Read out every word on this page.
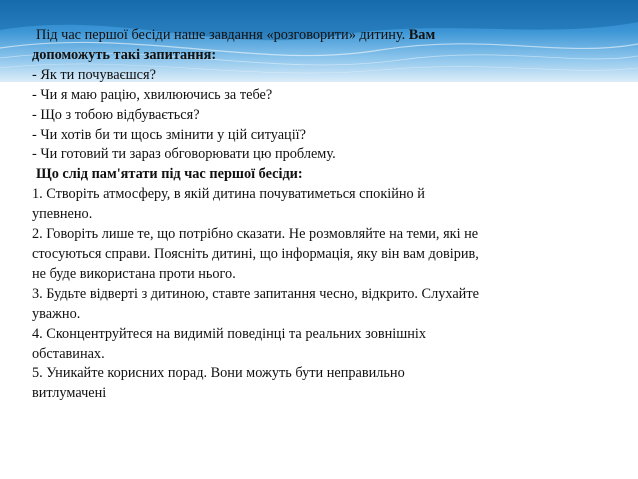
Під час першої бесіди наше завдання «розговорити» дитину. Вам
допоможуть такі запитання:
- Як ти почуваєшся?
- Чи я маю рацію, хвилюючись за тебе?
- Що з тобою відбувається?
- Чи хотів би ти щось змінити у цій ситуації?
- Чи готовий ти зараз обговорювати цю проблему.
Що слід пам'ятати під час першої бесіди:
1. Створіть атмосферу, в якій дитина почуватиметься спокійно й
упевнено.
2. Говоріть лише те, що потрібно сказати. Не розмовляйте на теми, які не
стосуються справи. Поясніть дитині, що інформація, яку він вам довірив,
не буде використана проти нього.
3. Будьте відверті з дитиною, ставте запитання чесно, відкрито. Слухайте
уважно.
4. Сконцентруйтеся на видимій поведінці та реальних зовнішніх
обставинах.
5. Уникайте корисних порад. Вони можуть бути неправильно
витлумачені
